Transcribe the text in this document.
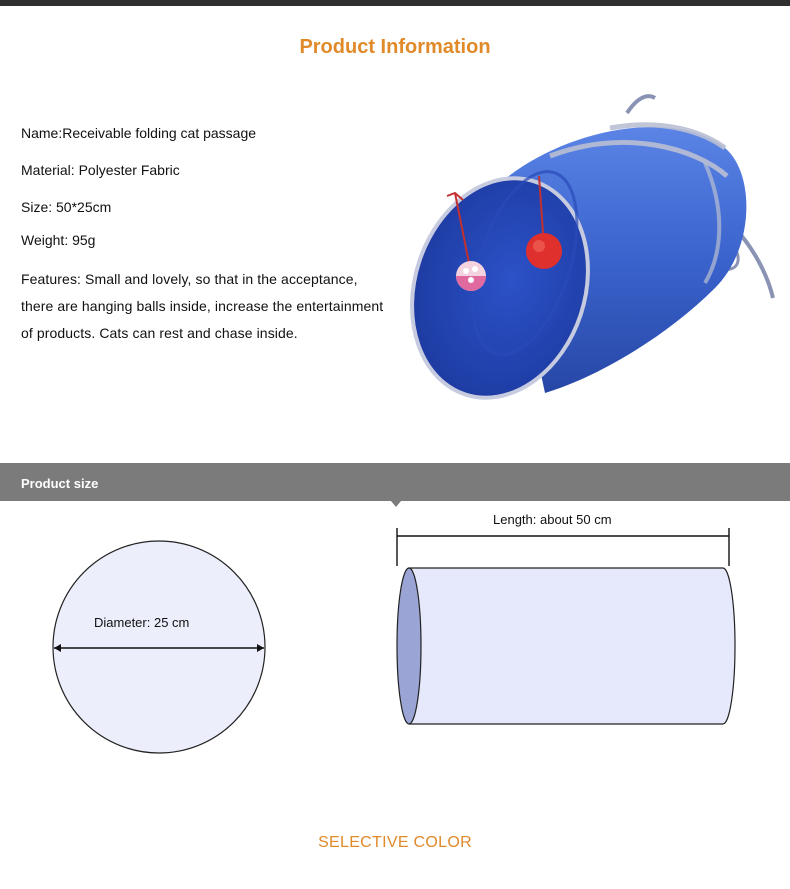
Product Information
Name:Receivable folding cat passage
Material: Polyester Fabric
Size: 50*25cm
Weight: 95g
Features: Small and lovely, so that in the acceptance,
there are hanging balls inside, increase the entertainment
of products. Cats can rest and chase inside.
Product size
Diameter: 25 cm
Length: about 50 cm
SELECTIVE COLOR
